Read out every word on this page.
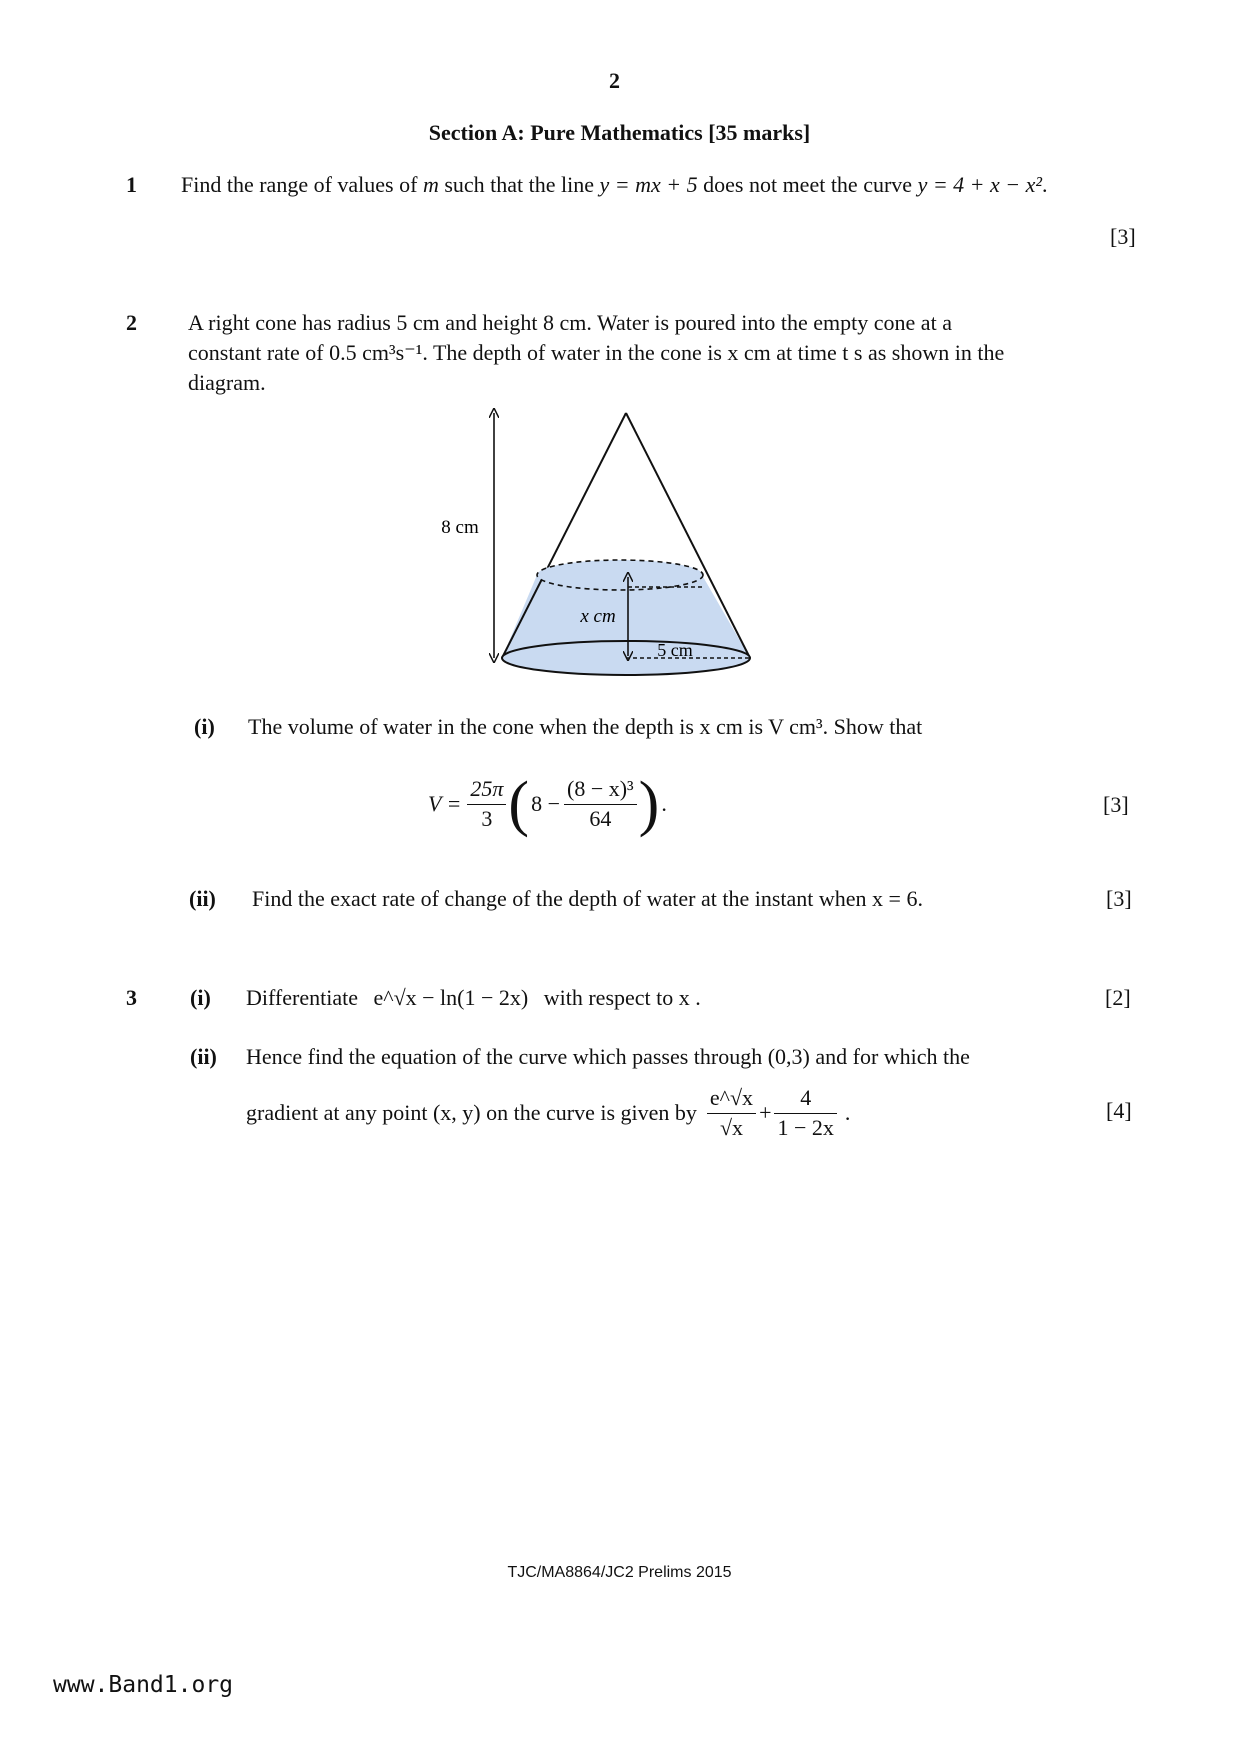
2
Section A: Pure Mathematics [35 marks]
1 Find the range of values of m such that the line y = mx + 5 does not meet the curve y = 4 + x − x².
[3]
2 A right cone has radius 5 cm and height 8 cm. Water is poured into the empty cone at a
constant rate of 0.5 cm³s⁻¹. The depth of water in the cone is x cm at time t s as shown in the
diagram.
8 cm
x cm
5 cm
(i) The volume of water in the cone when the depth is x cm is V cm³. Show that
$V = \frac{25\pi}{3}$ ( $8 - \frac{\text{(8 − x)³}}{64}$ ) .	[3]
(ii) Find the exact rate of change of the depth of water at the instant when x = 6.	[3]
3 (i) Differentiate e^√x − ln(1 − 2x) with respect to x .	[2]
(ii) Hence find the equation of the curve which passes through (0,3) and for which the
gradient at any point (x, y) on the curve is given by $\frac{e\^{}√x}{√x} + \frac{4}{1 - 2x}$ .	[4]
TJC/MA8864/JC2 Prelims 2015
www.Band1.org
